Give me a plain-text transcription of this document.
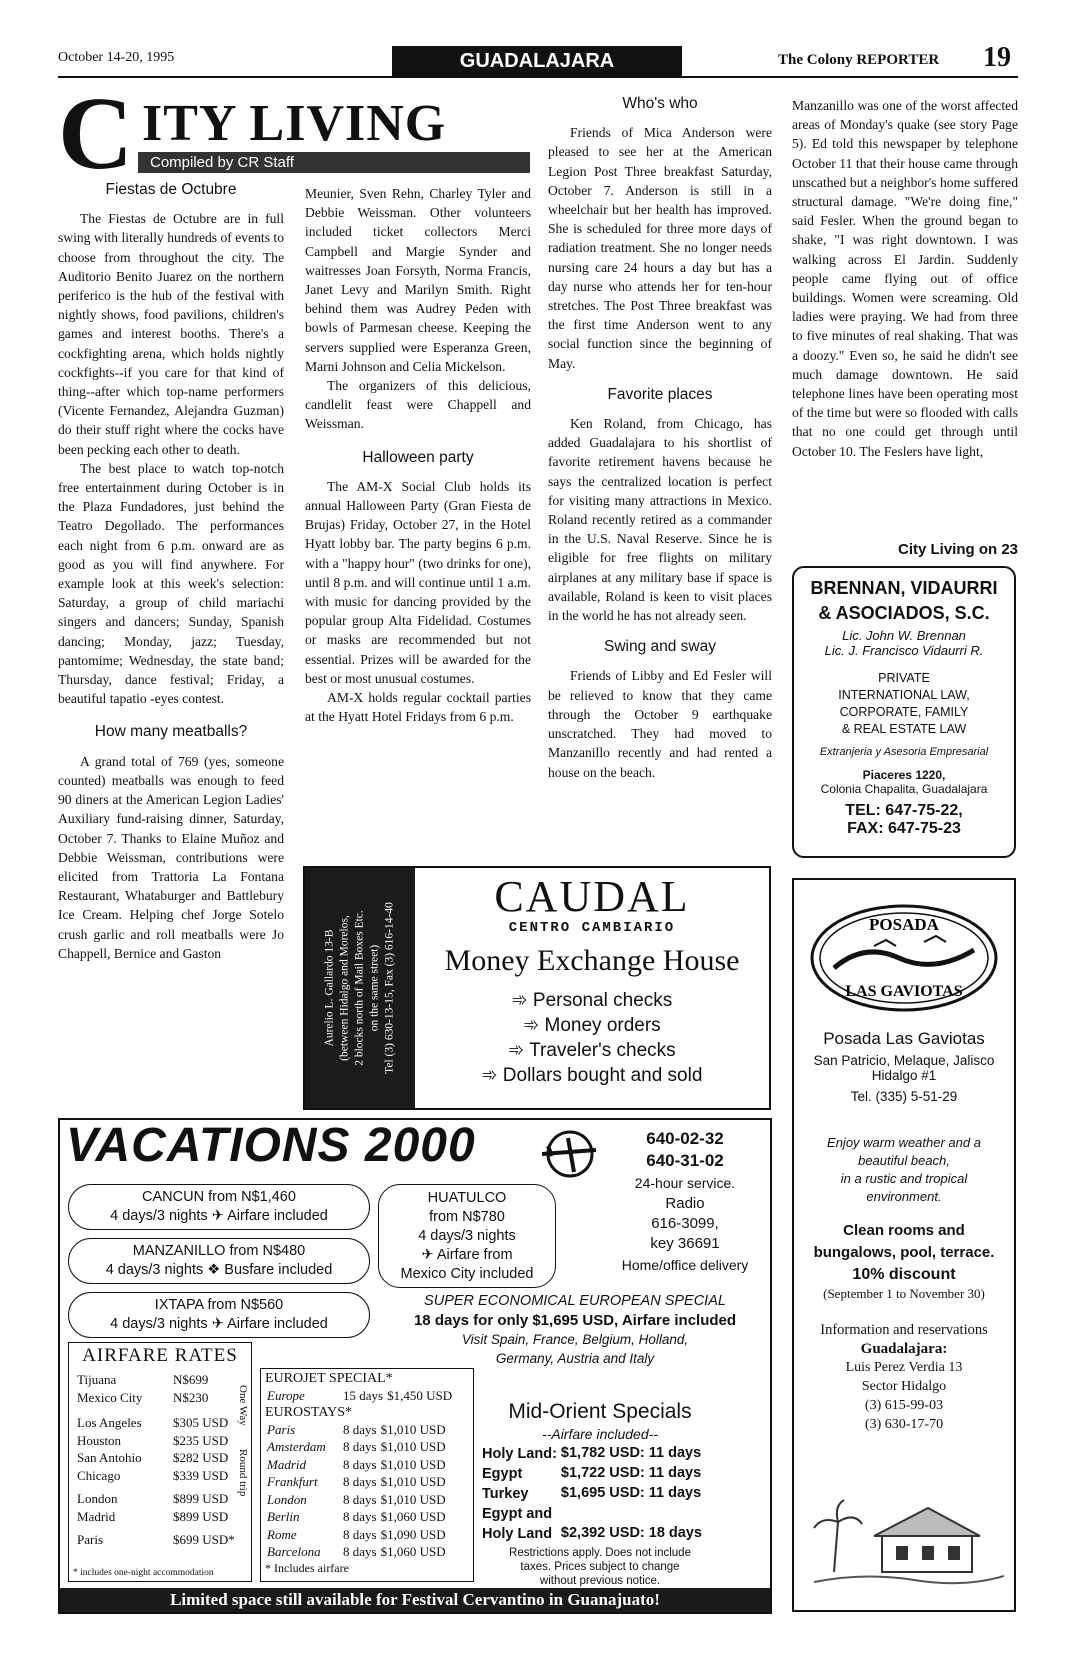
October 14-20, 1995	GUADALAJARA	The Colony REPORTER 19
C ITY LIVING
Compiled by CR Staff
Fiestas de Octubre

The Fiestas de Octubre are in full swing with literally hundreds of events to choose from throughout the city. The Auditorio Benito Juarez on the northern periferico is the hub of the festival with nightly shows, food pavilions, children's games and interest booths. There's a cockfighting arena, which holds nightly cockfights--if you care for that kind of thing--after which top-name performers (Vicente Fernandez, Alejandra Guzman) do their stuff right where the cocks have been pecking each other to death.

The best place to watch top-notch free entertainment during October is in the Plaza Fundadores, just behind the Teatro Degollado. The performances each night from 6 p.m. onward are as good as you will find anywhere. For example look at this week's selection: Saturday, a group of child mariachi singers and dancers; Sunday, Spanish dancing; Monday, jazz; Tuesday, pantomime; Wednesday, the state band; Thursday, dance festival; Friday, a beautiful tapatio -eyes contest.

How many meatballs?

A grand total of 769 (yes, someone counted) meatballs was enough to feed 90 diners at the American Legion Ladies' Auxiliary fund-raising dinner, Saturday, October 7. Thanks to Elaine Muñoz and Debbie Weissman, contributions were elicited from Trattoria La Fontana Restaurant, Whataburger and Battlebury Ice Cream. Helping chef Jorge Sotelo crush garlic and roll meatballs were Jo Chappell, Bernice and Gaston

Meunier, Sven Rehn, Charley Tyler and Debbie Weissman. Other volunteers included ticket collectors Merci Campbell and Margie Synder and waitresses Joan Forsyth, Norma Francis, Janet Levy and Marilyn Smith. Right behind them was Audrey Peden with bowls of Parmesan cheese. Keeping the servers supplied were Esperanza Green, Marni Johnson and Celia Mickelson.

The organizers of this delicious, candlelit feast were Chappell and Weissman.

Halloween party

The AM-X Social Club holds its annual Halloween Party (Gran Fiesta de Brujas) Friday, October 27, in the Hotel Hyatt lobby bar. The party begins 6 p.m. with a "happy hour" (two drinks for one), until 8 p.m. and will continue until 1 a.m. with music for dancing provided by the popular group Alta Fidelidad. Costumes or masks are recommended but not essential. Prizes will be awarded for the best or most unusual costumes.

AM-X holds regular cocktail parties at the Hyatt Hotel Fridays from 6 p.m.

Who's who

Friends of Mica Anderson were pleased to see her at the American Legion Post Three breakfast Saturday, October 7. Anderson is still in a wheelchair but her health has improved. She is scheduled for three more days of radiation treatment. She no longer needs nursing care 24 hours a day but has a day nurse who attends her for ten-hour stretches. The Post Three breakfast was the first time Anderson went to any social function since the beginning of May.

Favorite places

Ken Roland, from Chicago, has added Guadalajara to his shortlist of favorite retirement havens because he says the centralized location is perfect for visiting many attractions in Mexico. Roland recently retired as a commander in the U.S. Naval Reserve. Since he is eligible for free flights on military airplanes at any military base if space is available, Roland is keen to visit places in the world he has not already seen.

Swing and sway

Friends of Libby and Ed Fesler will be relieved to know that they came through the October 9 earthquake unscratched. They had moved to Manzanillo recently and had rented a house on the beach.

Manzanillo was one of the worst affected areas of Monday's quake (see story Page 5). Ed told this newspaper by telephone October 11 that their house came through unscathed but a neighbor's home suffered structural damage. "We're doing fine," said Fesler. When the ground began to shake, "I was right downtown. I was walking across El Jardin. Suddenly people came flying out of office buildings. Women were screaming. Old ladies were praying. We had from three to five minutes of real shaking. That was a doozy." Even so, he said he didn't see much damage downtown. He said telephone lines have been operating most of the time but were so flooded with calls that no one could get through until October 10. The Feslers have light,

City Living on 23
BRENNAN, VIDAURRI
& ASOCIADOS, S.C.
Lic. John W. Brennan
Lic. J. Francisco Vidaurri R.
PRIVATE
INTERNATIONAL LAW,
CORPORATE, FAMILY
& REAL ESTATE LAW
Extranjeria y Asesoria Empresarial
Piaceres 1220,
Colonia Chapalita, Guadalajara
TEL: 647-75-22,
FAX: 647-75-23
Aurelio L. Gallardo 13-B (between Hidalgo and Morelos, 2 blocks north of Mail Boxes Etc. on the same street) Tel (3) 630-13-15, Fax (3) 616-14-40
CAUDAL
CENTRO CAMBIARIO
Money Exchange House
➾ Personal checks
➾ Money orders
➾ Traveler's checks
➾ Dollars bought and sold
POSADA
LAS GAVIOTAS
Posada Las Gaviotas
San Patricio, Melaque, Jalisco
Hidalgo #1
Tel. (335) 5-51-29
Enjoy warm weather and a
beautiful beach,
in a rustic and tropical
environment.
Clean rooms and
bungalows, pool, terrace.
10% discount
(September 1 to November 30)
Information and reservations
Guadalajara:
Luis Perez Verdia 13
Sector Hidalgo
(3) 615-99-03
(3) 630-17-70
VACATIONS 2000	640-02-32
640-31-02
24-hour service.
Radio
616-3099,
key 36691
Home/office delivery
CANCUN from N$1,460
4 days/3 nights ✈ Airfare included
MANZANILLO from N$480
4 days/3 nights ❖ Busfare included
IXTAPA from N$560
4 days/3 nights ✈ Airfare included
HUATULCO
from N$780
4 days/3 nights
✈ Airfare from
Mexico City included
SUPER ECONOMICAL EUROPEAN SPECIAL
18 days for only $1,695 USD, Airfare included
Visit Spain, France, Belgium, Holland,
Germany, Austria and Italy
AIRFARE RATES
Tijuana	N$699
Mexico City	N$230

Los Angeles	$305 USD
Houston	$235 USD
San Antohio	$282 USD
Chicago	$339 USD

London	$899 USD
Madrid	$899 USD

Paris	$699 USD*
One Way
Round trip
* includes one-night accommodation
EUROJET SPECIAL*
Europe	15 days	$1,450 USD
EUROSTAYS*
Paris	8 days	$1,010 USD
Amsterdam	8 days	$1,010 USD
Madrid	8 days	$1,010 USD
Frankfurt	8 days	$1,010 USD
London	8 days	$1,010 USD
Berlin	8 days	$1,060 USD
Rome	8 days	$1,090 USD
Barcelona	8 days	$1,060 USD
* Includes airfare
Mid-Orient Specials
--Airfare included--
Holy Land:	$1,782 USD: 11 days
Egypt	$1,722 USD: 11 days
Turkey	$1,695 USD: 11 days
Egypt and	
Holy Land	$2,392 USD: 18 days
Restrictions apply. Does not include
taxes. Prices subject to change
without previous notice.
Limited space still available for Festival Cervantino in Guanajuato!
